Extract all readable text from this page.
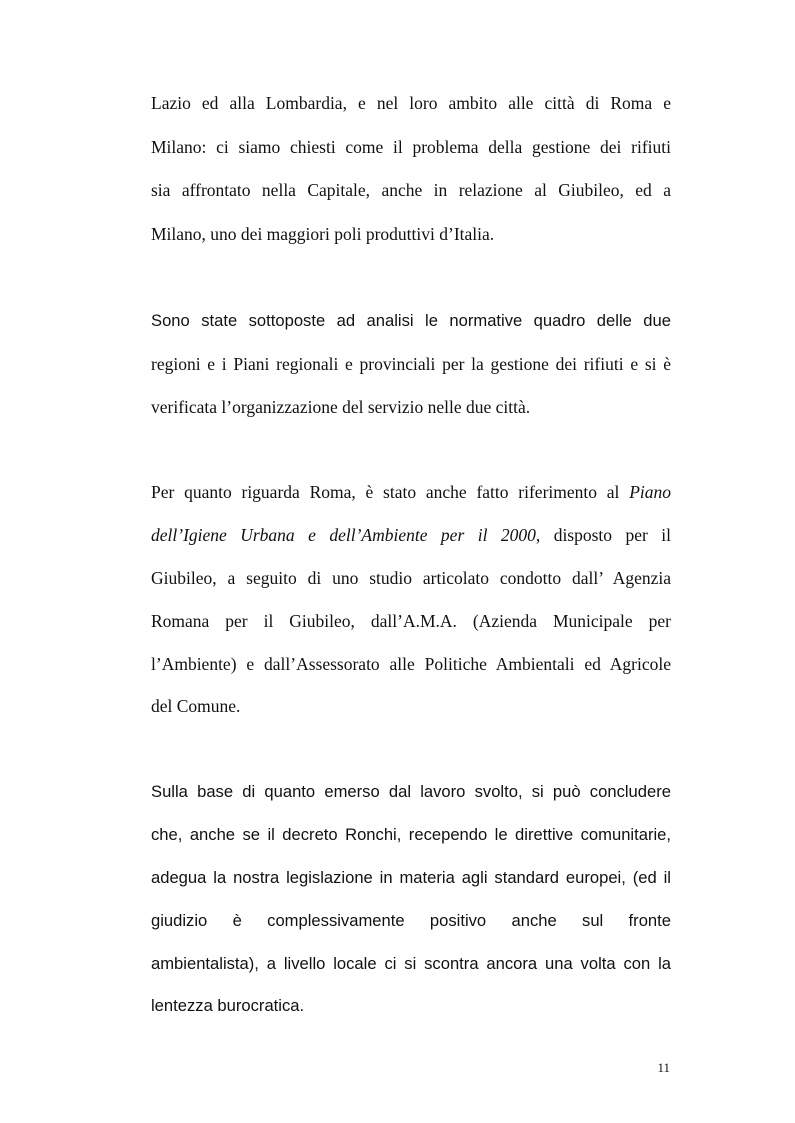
Lazio ed alla Lombardia, e nel loro ambito alle città di Roma e
Milano: ci siamo chiesti come il problema della gestione dei rifiuti
sia affrontato nella Capitale, anche in relazione al Giubileo, ed a
Milano, uno dei maggiori poli produttivi d’Italia.
Sono state sottoposte ad analisi le normative quadro delle due
regioni e i Piani regionali e provinciali per la gestione dei rifiuti e si è
verificata l’organizzazione del servizio nelle due città.
Per quanto riguarda Roma, è stato anche fatto riferimento al Piano
dell’Igiene Urbana e dell’Ambiente per il 2000, disposto per il
Giubileo, a seguito di uno studio articolato condotto dall’ Agenzia
Romana per il Giubileo, dall’A.M.A. (Azienda Municipale per
l’Ambiente) e dall’Assessorato alle Politiche Ambientali ed Agricole
del Comune.
Sulla base di quanto emerso dal lavoro svolto, si può concludere
che, anche se il decreto Ronchi, recependo le direttive comunitarie,
adegua la nostra legislazione in materia agli standard europei, (ed il
giudizio è complessivamente positivo anche sul fronte
ambientalista), a livello locale ci si scontra ancora una volta con la
lentezza burocratica.
11
